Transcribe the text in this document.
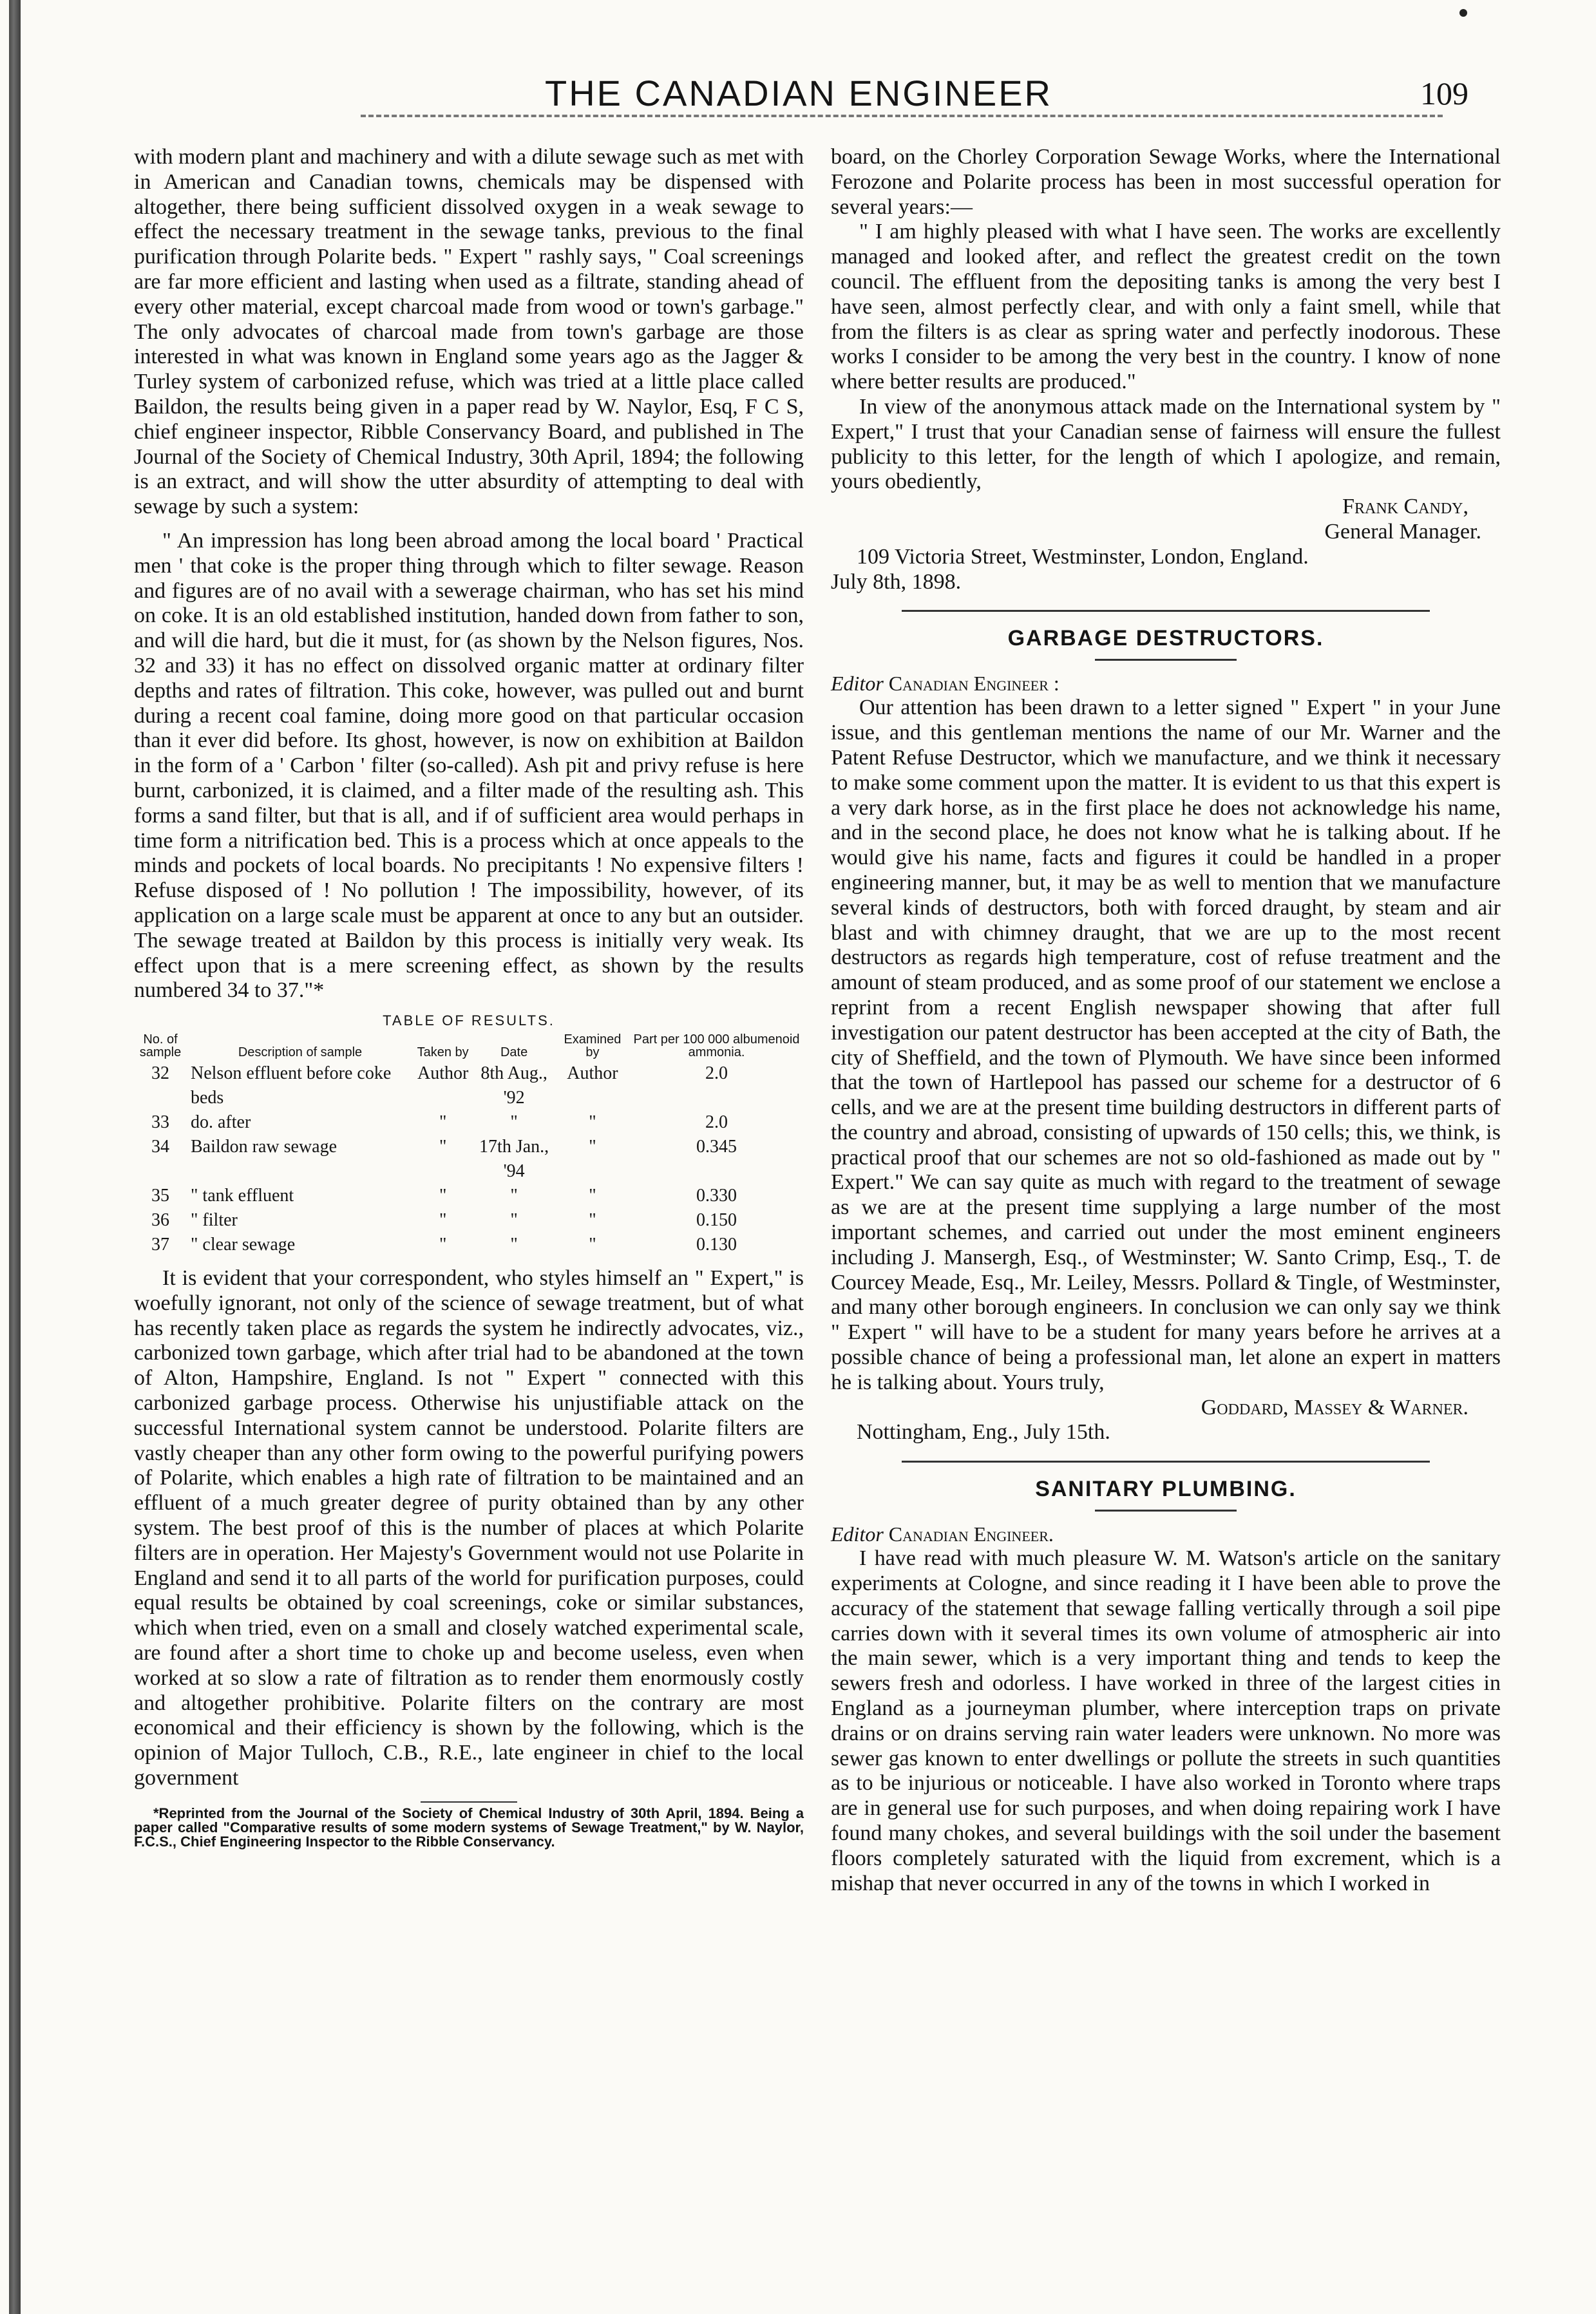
THE CANADIAN ENGINEER	109

with modern plant and machinery and with a dilute sewage such as met with in American and Canadian towns, chemicals may be dispensed with altogether, there being sufficient dissolved oxygen in a weak sewage to effect the necessary treatment in the sewage tanks, previous to the final purification through Polarite beds. " Expert " rashly says, " Coal screenings are far more efficient and lasting when used as a filtrate, standing ahead of every other material, except charcoal made from wood or town's garbage." The only advocates of charcoal made from town's garbage are those interested in what was known in England some years ago as the Jagger & Turley system of carbonized refuse, which was tried at a little place called Baildon, the results being given in a paper read by W. Naylor, Esq, F C S, chief engineer inspector, Ribble Conservancy Board, and published in The Journal of the Society of Chemical Industry, 30th April, 1894; the following is an extract, and will show the utter absurdity of attempting to deal with sewage by such a system:

" An impression has long been abroad among the local board ' Practical men ' that coke is the proper thing through which to filter sewage. Reason and figures are of no avail with a sewerage chairman, who has set his mind on coke. It is an old established institution, handed down from father to son, and will die hard, but die it must, for (as shown by the Nelson figures, Nos. 32 and 33) it has no effect on dissolved organic matter at ordinary filter depths and rates of filtration. This coke, however, was pulled out and burnt during a recent coal famine, doing more good on that particular occasion than it ever did before. Its ghost, however, is now on exhibition at Baildon in the form of a ' Carbon ' filter (so-called). Ash pit and privy refuse is here burnt, carbonized, it is claimed, and a filter made of the resulting ash. This forms a sand filter, but that is all, and if of sufficient area would perhaps in time form a nitrification bed. This is a process which at once appeals to the minds and pockets of local boards. No precipitants ! No expensive filters ! Refuse disposed of ! No pollution ! The impossibility, however, of its application on a large scale must be apparent at once to any but an outsider. The sewage treated at Baildon by this process is initially very weak. Its effect upon that is a mere screening effect, as shown by the results numbered 34 to 37."*

TABLE OF RESULTS.
No. of sample	Description of sample	Taken by	Date	Examined by	Part per 100 000 albumenoid ammonia.
32	Nelson effluent before coke beds	Author	8th Aug., '92	Author	2.0
33	do. after	"	"	"	2.0
34	Baildon raw sewage	"	17th Jan., '94	"	0.345
35	" tank effluent	"	"	"	0.330
36	" filter	"	"	"	0.150
37	" clear sewage	"	"	"	0.130

It is evident that your correspondent, who styles himself an " Expert," is woefully ignorant, not only of the science of sewage treatment, but of what has recently taken place as regards the system he indirectly advocates, viz., carbonized town garbage, which after trial had to be abandoned at the town of Alton, Hampshire, England. Is not " Expert " connected with this carbonized garbage process. Otherwise his unjustifiable attack on the successful International system cannot be understood. Polarite filters are vastly cheaper than any other form owing to the powerful purifying powers of Polarite, which enables a high rate of filtration to be maintained and an effluent of a much greater degree of purity obtained than by any other system. The best proof of this is the number of places at which Polarite filters are in operation. Her Majesty's Government would not use Polarite in England and send it to all parts of the world for purification purposes, could equal results be obtained by coal screenings, coke or similar substances, which when tried, even on a small and closely watched experimental scale, are found after a short time to choke up and become useless, even when worked at so slow a rate of filtration as to render them enormously costly and altogether prohibitive. Polarite filters on the contrary are most economical and their efficiency is shown by the following, which is the opinion of Major Tulloch, C.B., R.E., late engineer in chief to the local government

*Reprinted from the Journal of the Society of Chemical Industry of 30th April, 1894. Being a paper called "Comparative results of some modern systems of Sewage Treatment," by W. Naylor, F.C.S., Chief Engineering Inspector to the Ribble Conservancy.

board, on the Chorley Corporation Sewage Works, where the International Ferozone and Polarite process has been in most successful operation for several years:—

" I am highly pleased with what I have seen. The works are excellently managed and looked after, and reflect the greatest credit on the town council. The effluent from the depositing tanks is among the very best I have seen, almost perfectly clear, and with only a faint smell, while that from the filters is as clear as spring water and perfectly inodorous. These works I consider to be among the very best in the country. I know of none where better results are produced."

In view of the anonymous attack made on the International system by " Expert," I trust that your Canadian sense of fairness will ensure the fullest publicity to this letter, for the length of which I apologize, and remain, yours obediently,

Frank Candy,
General Manager.
109 Victoria Street, Westminster, London, England.
July 8th, 1898.
GARBAGE DESTRUCTORS.
Editor Canadian Engineer :

Our attention has been drawn to a letter signed " Expert " in your June issue, and this gentleman mentions the name of our Mr. Warner and the Patent Refuse Destructor, which we manufacture, and we think it necessary to make some comment upon the matter. It is evident to us that this expert is a very dark horse, as in the first place he does not acknowledge his name, and in the second place, he does not know what he is talking about. If he would give his name, facts and figures it could be handled in a proper engineering manner, but, it may be as well to mention that we manufacture several kinds of destructors, both with forced draught, by steam and air blast and with chimney draught, that we are up to the most recent destructors as regards high temperature, cost of refuse treatment and the amount of steam produced, and as some proof of our statement we enclose a reprint from a recent English newspaper showing that after full investigation our patent destructor has been accepted at the city of Bath, the city of Sheffield, and the town of Plymouth. We have since been informed that the town of Hartlepool has passed our scheme for a destructor of 6 cells, and we are at the present time building destructors in different parts of the country and abroad, consisting of upwards of 150 cells; this, we think, is practical proof that our schemes are not so old-fashioned as made out by " Expert." We can say quite as much with regard to the treatment of sewage as we are at the present time supplying a large number of the most important schemes, and carried out under the most eminent engineers including J. Mansergh, Esq., of Westminster; W. Santo Crimp, Esq., T. de Courcey Meade, Esq., Mr. Leiley, Messrs. Pollard & Tingle, of Westminster, and many other borough engineers. In conclusion we can only say we think " Expert " will have to be a student for many years before he arrives at a possible chance of being a professional man, let alone an expert in matters he is talking about. Yours truly,

Goddard, Massey & Warner.
Nottingham, Eng., July 15th.
SANITARY PLUMBING.
Editor Canadian Engineer.

I have read with much pleasure W. M. Watson's article on the sanitary experiments at Cologne, and since reading it I have been able to prove the accuracy of the statement that sewage falling vertically through a soil pipe carries down with it several times its own volume of atmospheric air into the main sewer, which is a very important thing and tends to keep the sewers fresh and odorless. I have worked in three of the largest cities in England as a journeyman plumber, where interception traps on private drains or on drains serving rain water leaders were unknown. No more was sewer gas known to enter dwellings or pollute the streets in such quantities as to be injurious or noticeable. I have also worked in Toronto where traps are in general use for such purposes, and when doing repairing work I have found many chokes, and several buildings with the soil under the basement floors completely saturated with the liquid from excrement, which is a mishap that never occurred in any of the towns in which I worked in
